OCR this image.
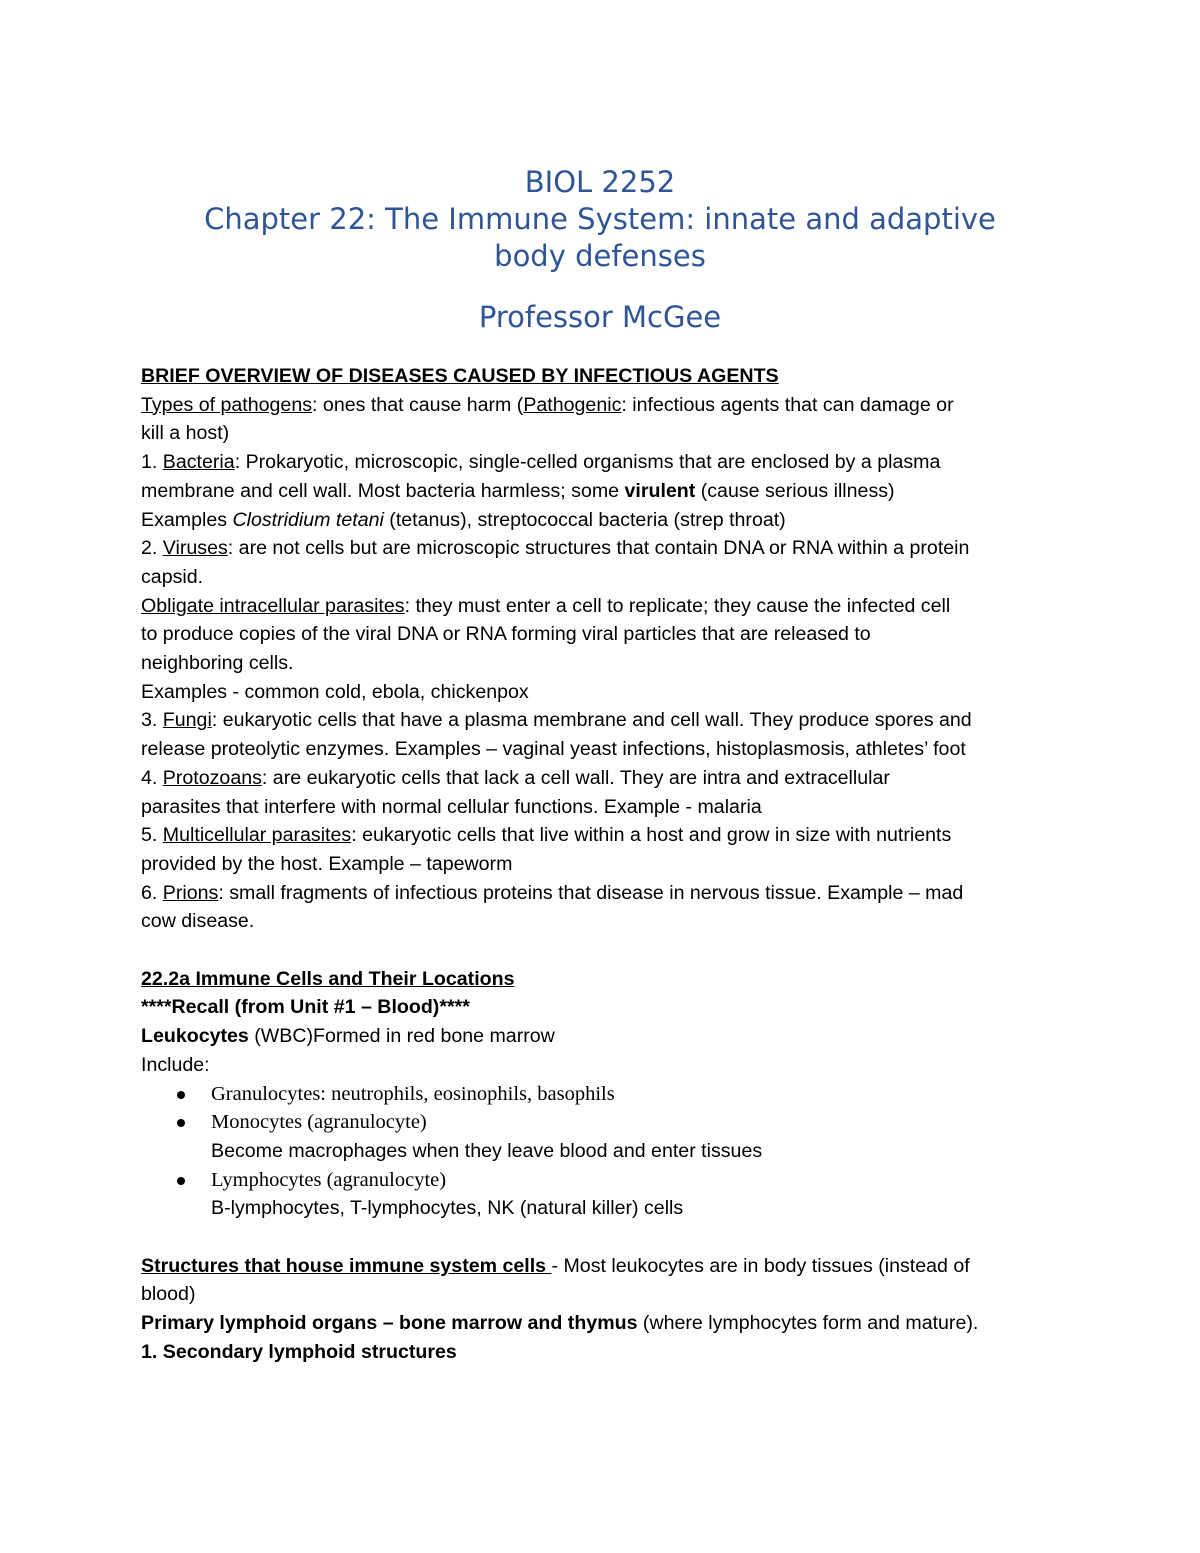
BIOL 2252
Chapter 22: The Immune System: innate and adaptive
body defenses
Professor McGee

BRIEF OVERVIEW OF DISEASES CAUSED BY INFECTIOUS AGENTS

Types of pathogens: ones that cause harm (Pathogenic: infectious agents that can damage or

kill a host)

1. Bacteria: Prokaryotic, microscopic, single-celled organisms that are enclosed by a plasma

membrane and cell wall. Most bacteria harmless; some virulent (cause serious illness)

Examples Clostridium tetani (tetanus), streptococcal bacteria (strep throat)

2. Viruses: are not cells but are microscopic structures that contain DNA or RNA within a protein

capsid.

Obligate intracellular parasites: they must enter a cell to replicate; they cause the infected cell

to produce copies of the viral DNA or RNA forming viral particles that are released to

neighboring cells.

Examples - common cold, ebola, chickenpox

3. Fungi: eukaryotic cells that have a plasma membrane and cell wall. They produce spores and

release proteolytic enzymes. Examples – vaginal yeast infections, histoplasmosis, athletes’ foot

4. Protozoans: are eukaryotic cells that lack a cell wall. They are intra and extracellular

parasites that interfere with normal cellular functions. Example - malaria

5. Multicellular parasites: eukaryotic cells that live within a host and grow in size with nutrients

provided by the host. Example – tapeworm

6. Prions: small fragments of infectious proteins that disease in nervous tissue. Example – mad

cow disease.

22.2a Immune Cells and Their Locations

****Recall (from Unit #1 – Blood)****

Leukocytes (WBC)Formed in red bone marrow

Include:

Granulocytes: neutrophils, eosinophils, basophils
Monocytes (agranulocyte)
Become macrophages when they leave blood and enter tissues
Lymphocytes (agranulocyte)
B-lymphocytes, T-lymphocytes, NK (natural killer) cells

Structures that house immune system cells - Most leukocytes are in body tissues (instead of

blood)

Primary lymphoid organs – bone marrow and thymus (where lymphocytes form and mature).

1. Secondary lymphoid structures
